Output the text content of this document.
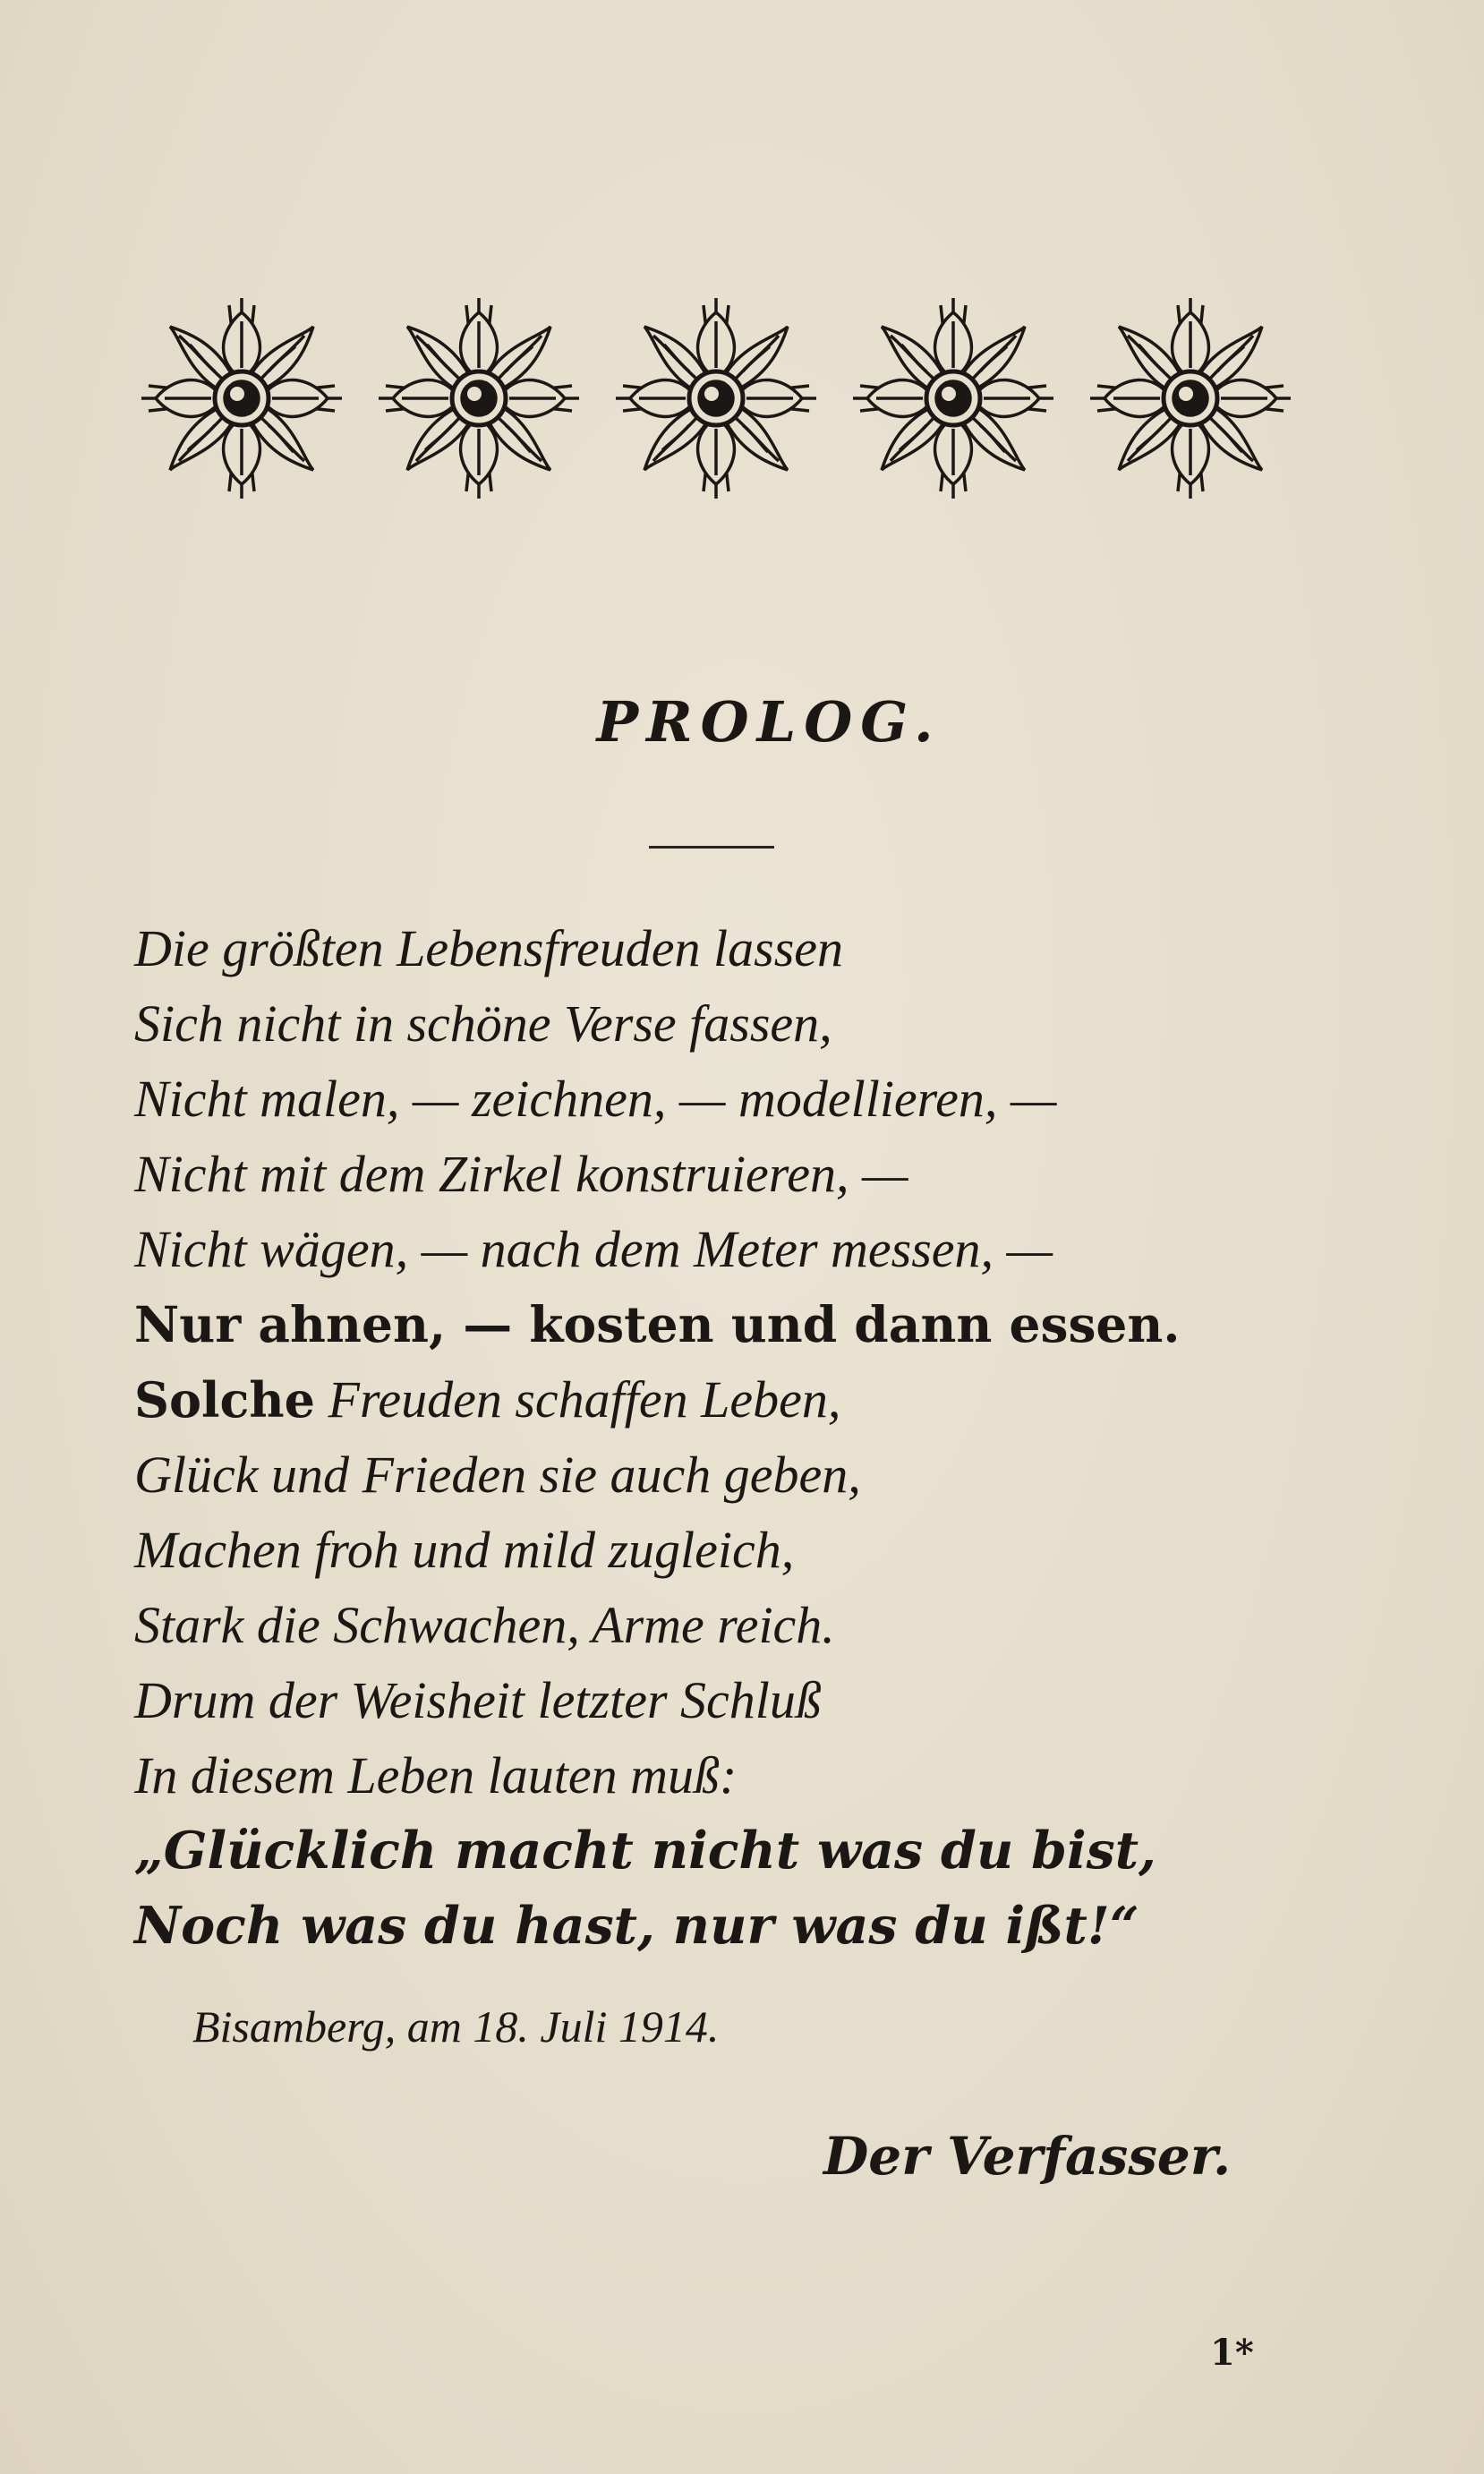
PROLOG.
Die größten Lebensfreuden lassen
Sich nicht in schöne Verse fassen,
Nicht malen, — zeichnen, — modellieren, —
Nicht mit dem Zirkel konstruieren, —
Nicht wägen, — nach dem Meter messen, —
Nur ahnen, — kosten und dann essen.
Solche Freuden schaffen Leben,
Glück und Frieden sie auch geben,
Machen froh und mild zugleich,
Stark die Schwachen, Arme reich.
Drum der Weisheit letzter Schluß
In diesem Leben lauten muß:
„Glücklich macht nicht was du bist,
Noch was du hast, nur was du ißt!“
Bisamberg, am 18. Juli 1914.
Der Verfasser.
1*
